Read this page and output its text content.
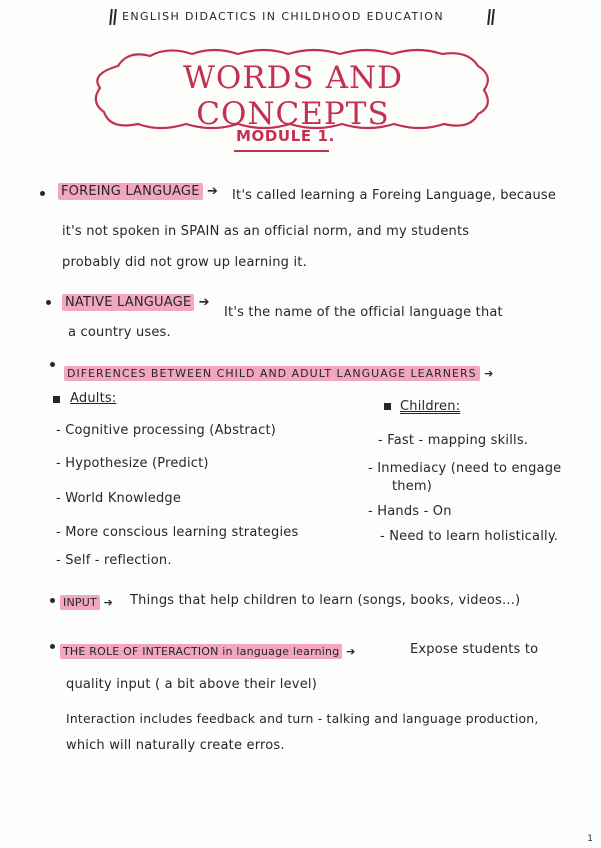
ENGLISH DIDACTICS IN CHILDHOOD EDUCATION
WORDS AND CONCEPTS
MODULE 1.
FOREING LANGUAGE ➔ It's called learning a Foreing Language, because
it's not spoken in SPAIN as an official norm, and my students
probably did not grow up learning it.
NATIVE LANGUAGE ➔
It's the name of the official language that
a country uses.
DIFERENCES BETWEEN CHILD AND ADULT LANGUAGE LEARNERS ➔
Adults:
- Cognitive processing (Abstract)
- Hypothesize (Predict)
- World Knowledge
- More conscious learning strategies
- Self - reflection.
Children:
- Fast - mapping skills.
- Inmediacy (need to engage
them)
- Hands - On
- Need to learn holistically.
INPUT ➔ Things that help children to learn (songs, books, videos...)
THE ROLE OF INTERACTION in language learning ➔	Expose students to
quality input ( a bit above their level)
Interaction includes feedback and turn - talking and language production,
which will naturally create erros.
1
